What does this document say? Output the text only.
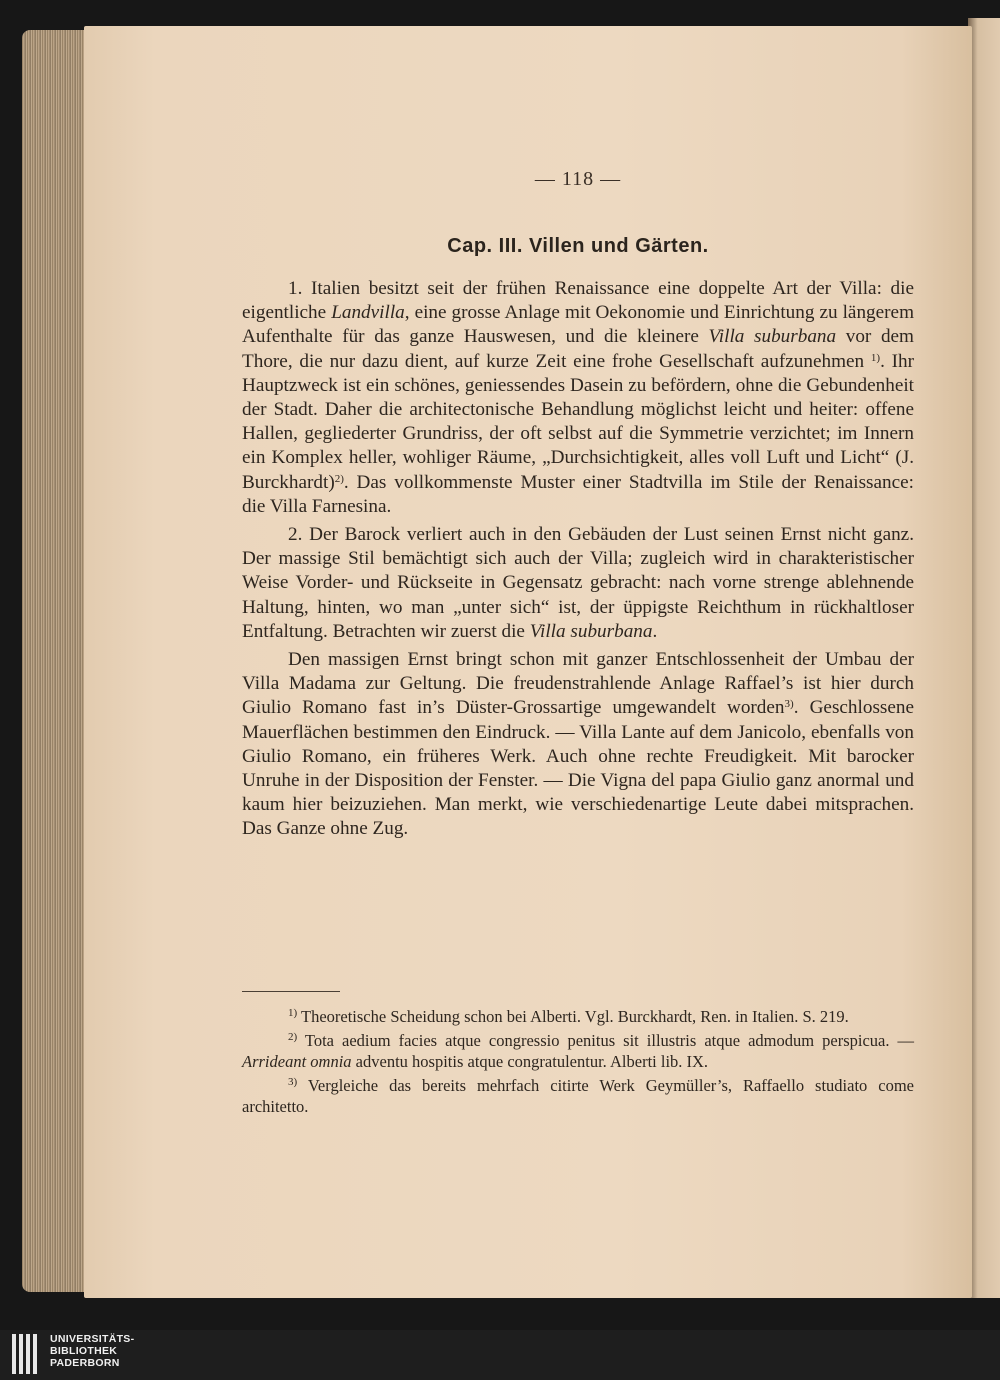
— 118 —
Cap. III. Villen und Gärten.

1. Italien besitzt seit der frühen Renaissance eine doppelte Art der Villa: die eigentliche Landvilla, eine grosse Anlage mit Oekonomie und Einrichtung zu längerem Aufenthalte für das ganze Hauswesen, und die kleinere Villa suburbana vor dem Thore, die nur dazu dient, auf kurze Zeit eine frohe Gesellschaft aufzunehmen $^{1)}$. Ihr Hauptzweck ist ein schönes, geniessendes Dasein zu befördern, ohne die Gebundenheit der Stadt. Daher die architectonische Behandlung möglichst leicht und heiter: offene Hallen, gegliederter Grundriss, der oft selbst auf die Symmetrie verzichtet; im Innern ein Komplex heller, wohliger Räume, „Durchsichtigkeit, alles voll Luft und Licht“ (J. Burckhardt)$^{2)}$. Das vollkommenste Muster einer Stadtvilla im Stile der Renaissance: die Villa Farnesina.

2. Der Barock verliert auch in den Gebäuden der Lust seinen Ernst nicht ganz. Der massige Stil bemächtigt sich auch der Villa; zugleich wird in charakteristischer Weise Vorder- und Rückseite in Gegensatz gebracht: nach vorne strenge ablehnende Haltung, hinten, wo man „unter sich“ ist, der üppigste Reichthum in rückhaltloser Entfaltung. Betrachten wir zuerst die Villa suburbana.

Den massigen Ernst bringt schon mit ganzer Entschlossenheit der Umbau der Villa Madama zur Geltung. Die freudenstrahlende Anlage Raffael’s ist hier durch Giulio Romano fast in’s Düster-Grossartige umgewandelt worden$^{3)}$. Geschlossene Mauerflächen bestimmen den Eindruck. — Villa Lante auf dem Janicolo, ebenfalls von Giulio Romano, ein früheres Werk. Auch ohne rechte Freudigkeit. Mit barocker Unruhe in der Disposition der Fenster. — Die Vigna del papa Giulio ganz anormal und kaum hier beizuziehen. Man merkt, wie verschiedenartige Leute dabei mitsprachen. Das Ganze ohne Zug.

$^{1)}$ Theoretische Scheidung schon bei Alberti. Vgl. Burckhardt, Ren. in Italien. S. 219.

$^{2)}$ Tota aedium facies atque congressio penitus sit illustris atque admodum perspicua. — Arrideant omnia adventu hospitis atque congratulentur. Alberti lib. IX.

$^{3)}$ Vergleiche das bereits mehrfach citirte Werk Geymüller’s, Raffaello studiato come architetto.

UNIVERSITÄTS-
BIBLIOTHEK
PADERBORN
